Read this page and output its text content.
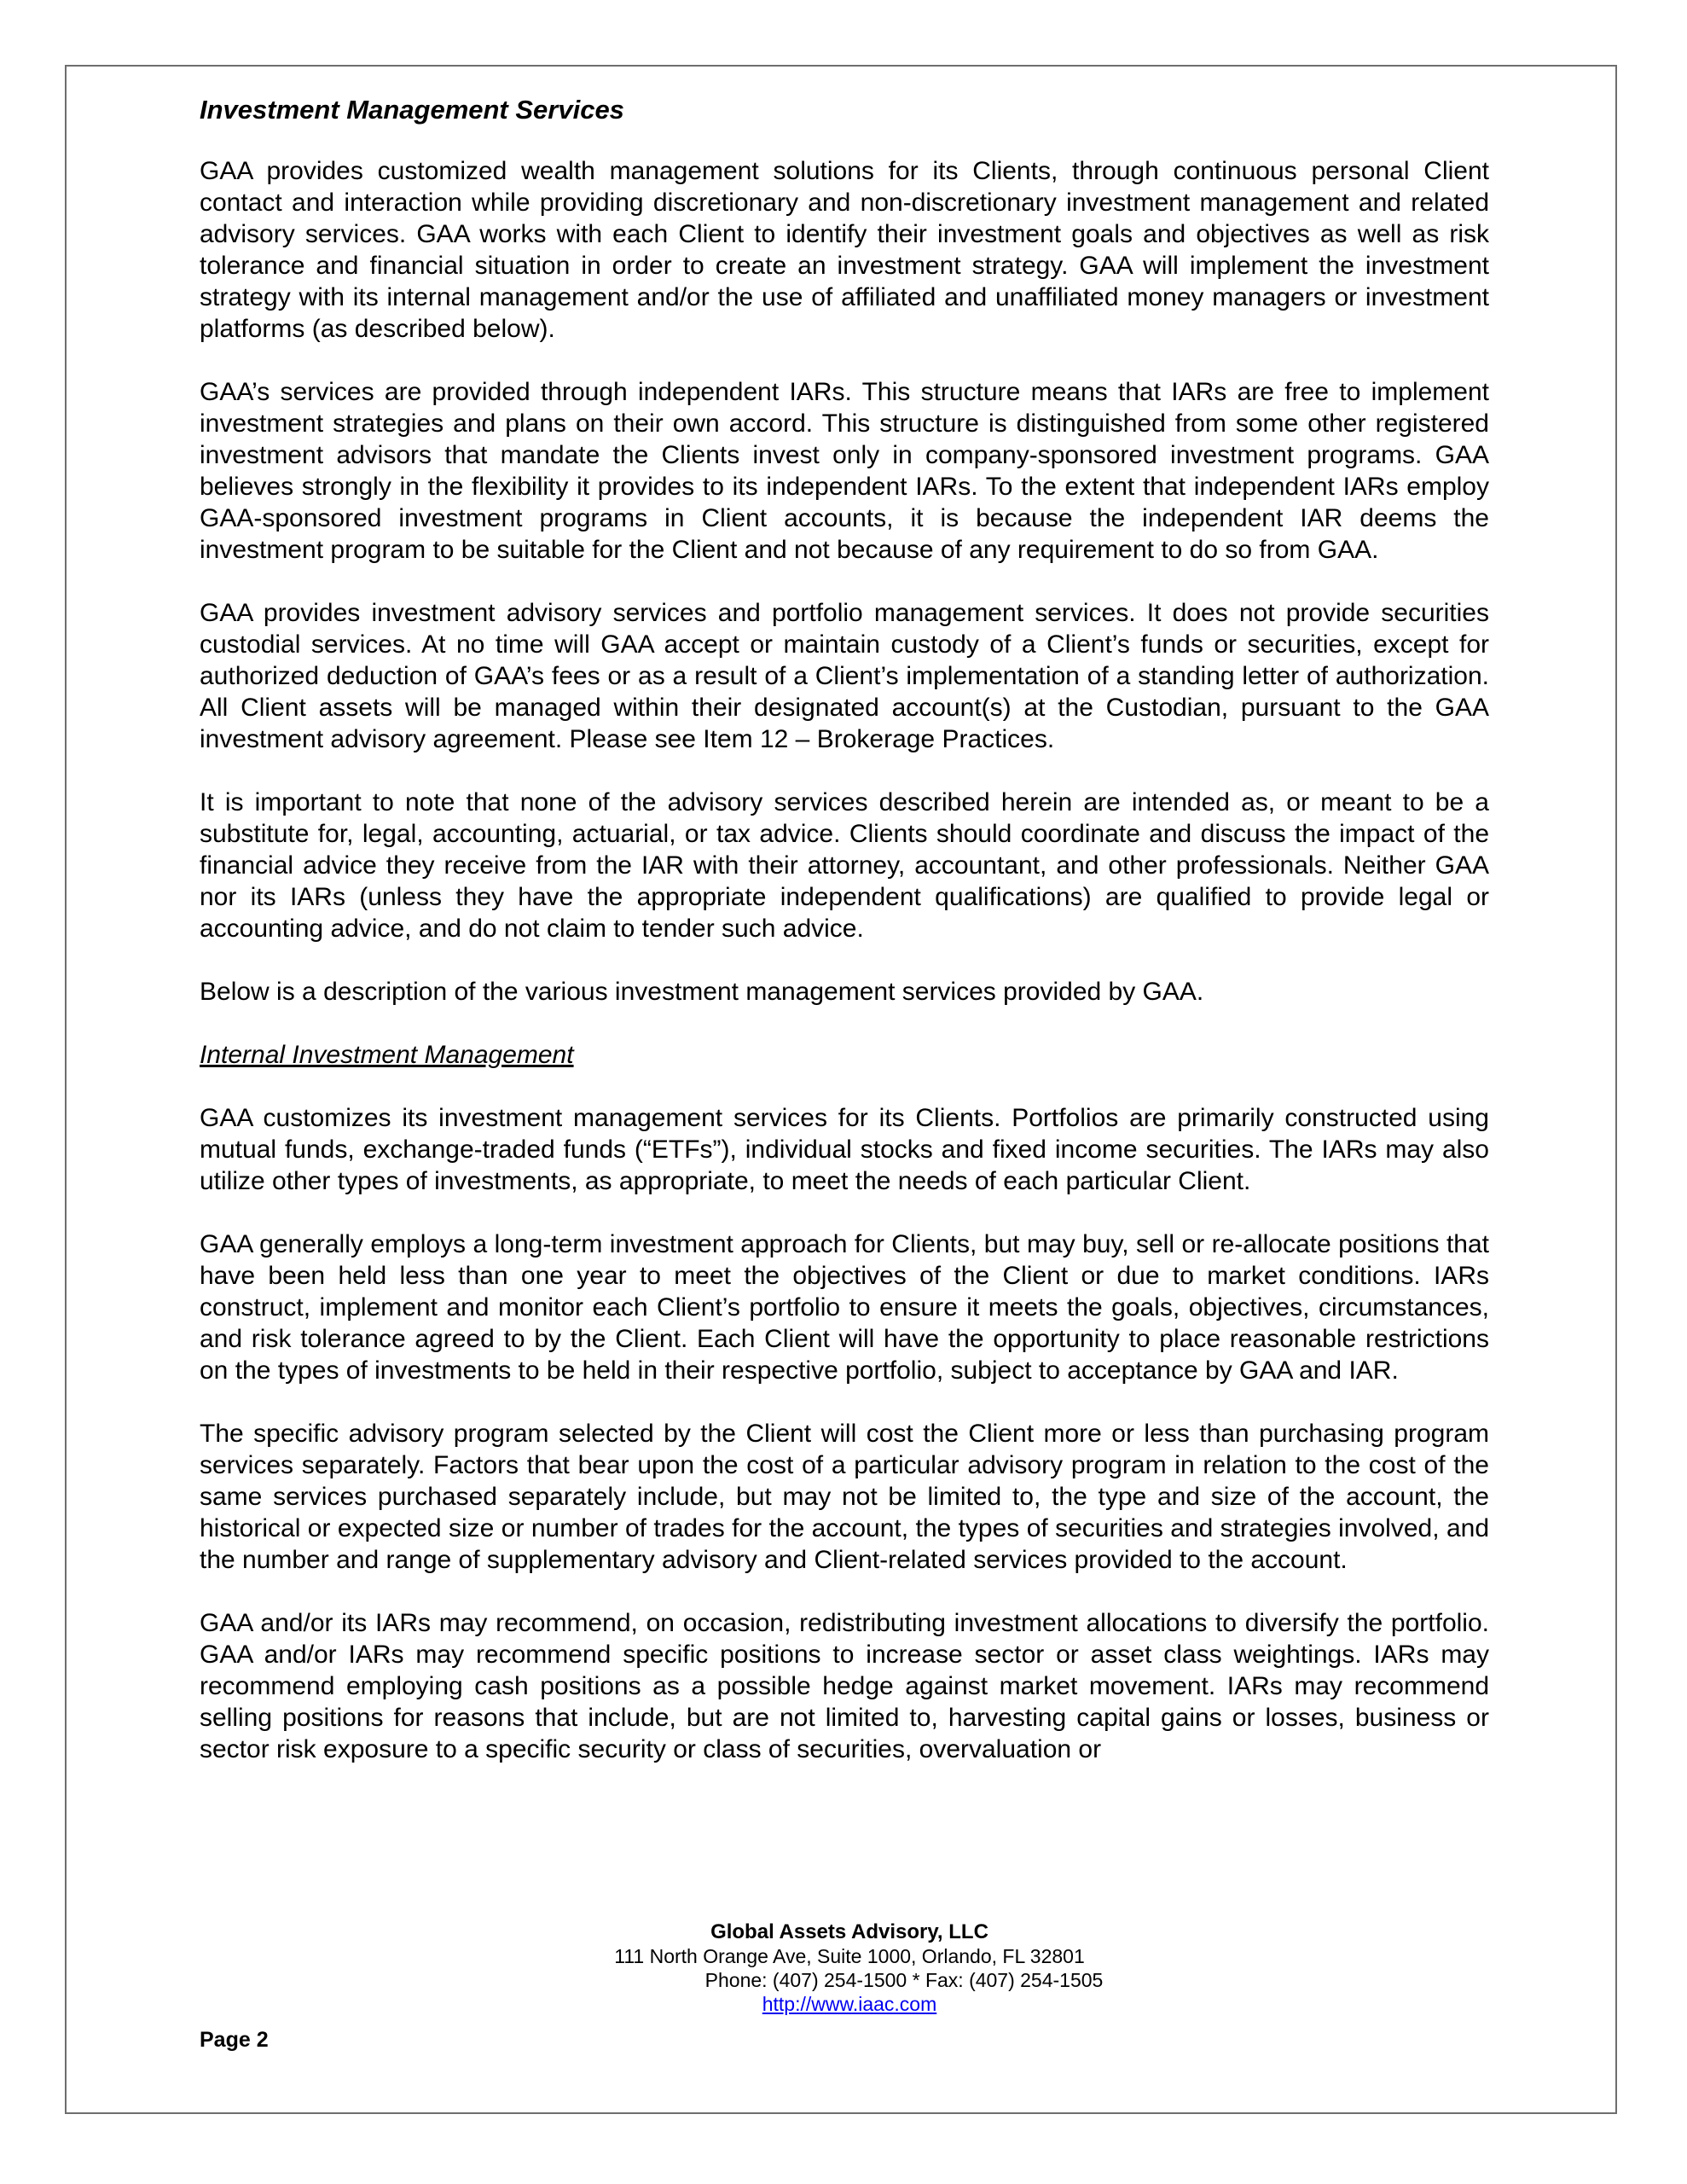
Investment Management Services

GAA provides customized wealth management solutions for its Clients, through continuous personal Client contact and interaction while providing discretionary and non-discretionary investment management and related advisory services. GAA works with each Client to identify their investment goals and objectives as well as risk tolerance and financial situation in order to create an investment strategy. GAA will implement the investment strategy with its internal management and/or the use of affiliated and unaffiliated money managers or investment platforms (as described below).

GAA’s services are provided through independent IARs. This structure means that IARs are free to implement investment strategies and plans on their own accord. This structure is distinguished from some other registered investment advisors that mandate the Clients invest only in company-sponsored investment programs. GAA believes strongly in the flexibility it provides to its independent IARs. To the extent that independent IARs employ GAA-sponsored investment programs in Client accounts, it is because the independent IAR deems the investment program to be suitable for the Client and not because of any requirement to do so from GAA.

GAA provides investment advisory services and portfolio management services. It does not provide securities custodial services. At no time will GAA accept or maintain custody of a Client’s funds or securities, except for authorized deduction of GAA’s fees or as a result of a Client’s implementation of a standing letter of authorization. All Client assets will be managed within their designated account(s) at the Custodian, pursuant to the GAA investment advisory agreement. Please see Item 12 – Brokerage Practices.

It is important to note that none of the advisory services described herein are intended as, or meant to be a substitute for, legal, accounting, actuarial, or tax advice. Clients should coordinate and discuss the impact of the financial advice they receive from the IAR with their attorney, accountant, and other professionals. Neither GAA nor its IARs (unless they have the appropriate independent qualifications) are qualified to provide legal or accounting advice, and do not claim to tender such advice.

Below is a description of the various investment management services provided by GAA.

Internal Investment Management

GAA customizes its investment management services for its Clients. Portfolios are primarily constructed using mutual funds, exchange-traded funds (“ETFs”), individual stocks and fixed income securities. The IARs may also utilize other types of investments, as appropriate, to meet the needs of each particular Client.

GAA generally employs a long-term investment approach for Clients, but may buy, sell or re-allocate positions that have been held less than one year to meet the objectives of the Client or due to market conditions. IARs construct, implement and monitor each Client’s portfolio to ensure it meets the goals, objectives, circumstances, and risk tolerance agreed to by the Client. Each Client will have the opportunity to place reasonable restrictions on the types of investments to be held in their respective portfolio, subject to acceptance by GAA and IAR.

The specific advisory program selected by the Client will cost the Client more or less than purchasing program services separately. Factors that bear upon the cost of a particular advisory program in relation to the cost of the same services purchased separately include, but may not be limited to, the type and size of the account, the historical or expected size or number of trades for the account, the types of securities and strategies involved, and the number and range of supplementary advisory and Client-related services provided to the account.

GAA and/or its IARs may recommend, on occasion, redistributing investment allocations to diversify the portfolio. GAA and/or IARs may recommend specific positions to increase sector or asset class weightings. IARs may recommend employing cash positions as a possible hedge against market movement. IARs may recommend selling positions for reasons that include, but are not limited to, harvesting capital gains or losses, business or sector risk exposure to a specific security or class of securities, overvaluation or

Global Assets Advisory, LLC
111 North Orange Ave, Suite 1000, Orlando, FL 32801
Phone: (407) 254-1500 * Fax: (407) 254-1505
http://www.iaac.com
Page 2
